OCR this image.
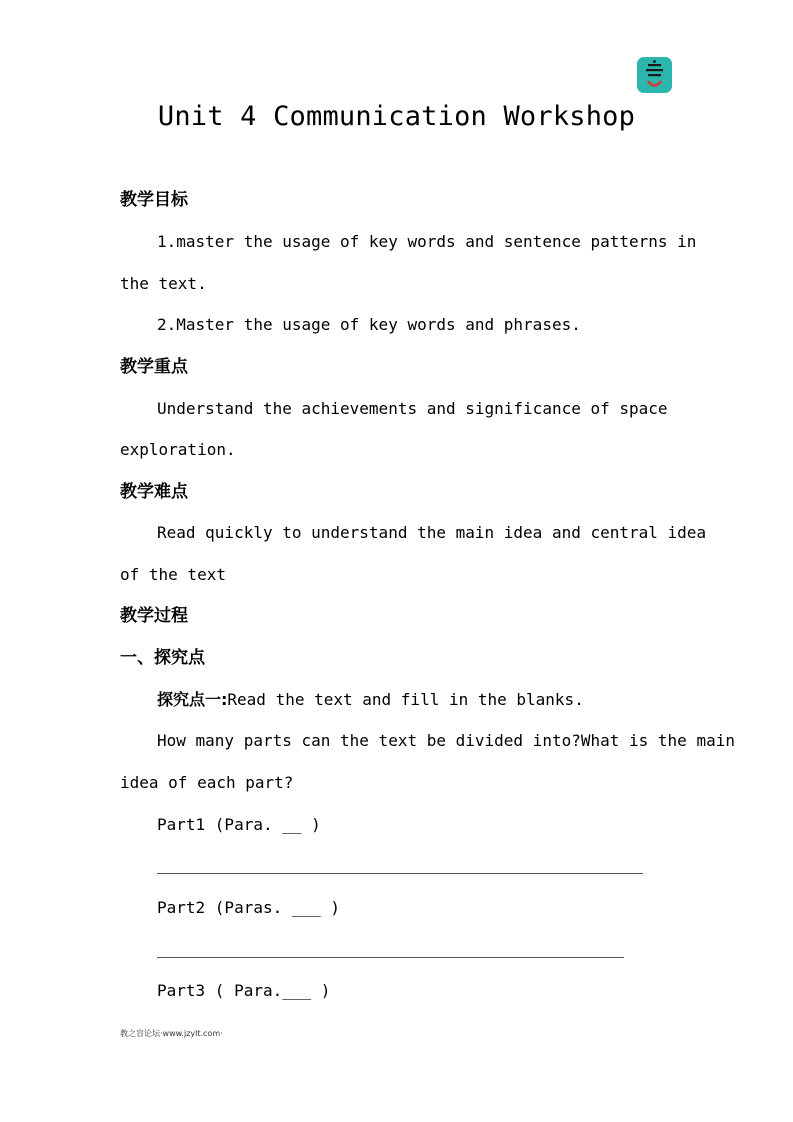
Unit 4 Communication Workshop
教学目标
1.master the usage of key words and sentence patterns in
the text.
2.Master the usage of key words and phrases.
教学重点
Understand the achievements and significance of space
exploration.
教学难点
Read quickly to understand the main idea and central idea
of the text
教学过程
一、探究点
探究点一:Read the text and fill in the blanks.
How many parts can the text be divided into?What is the main
idea of each part?
Part1 (Para. __ )
Part2 (Paras. ___ )
Part3 ( Para.___ )
教之盲论坛·www.jzylt.com·
